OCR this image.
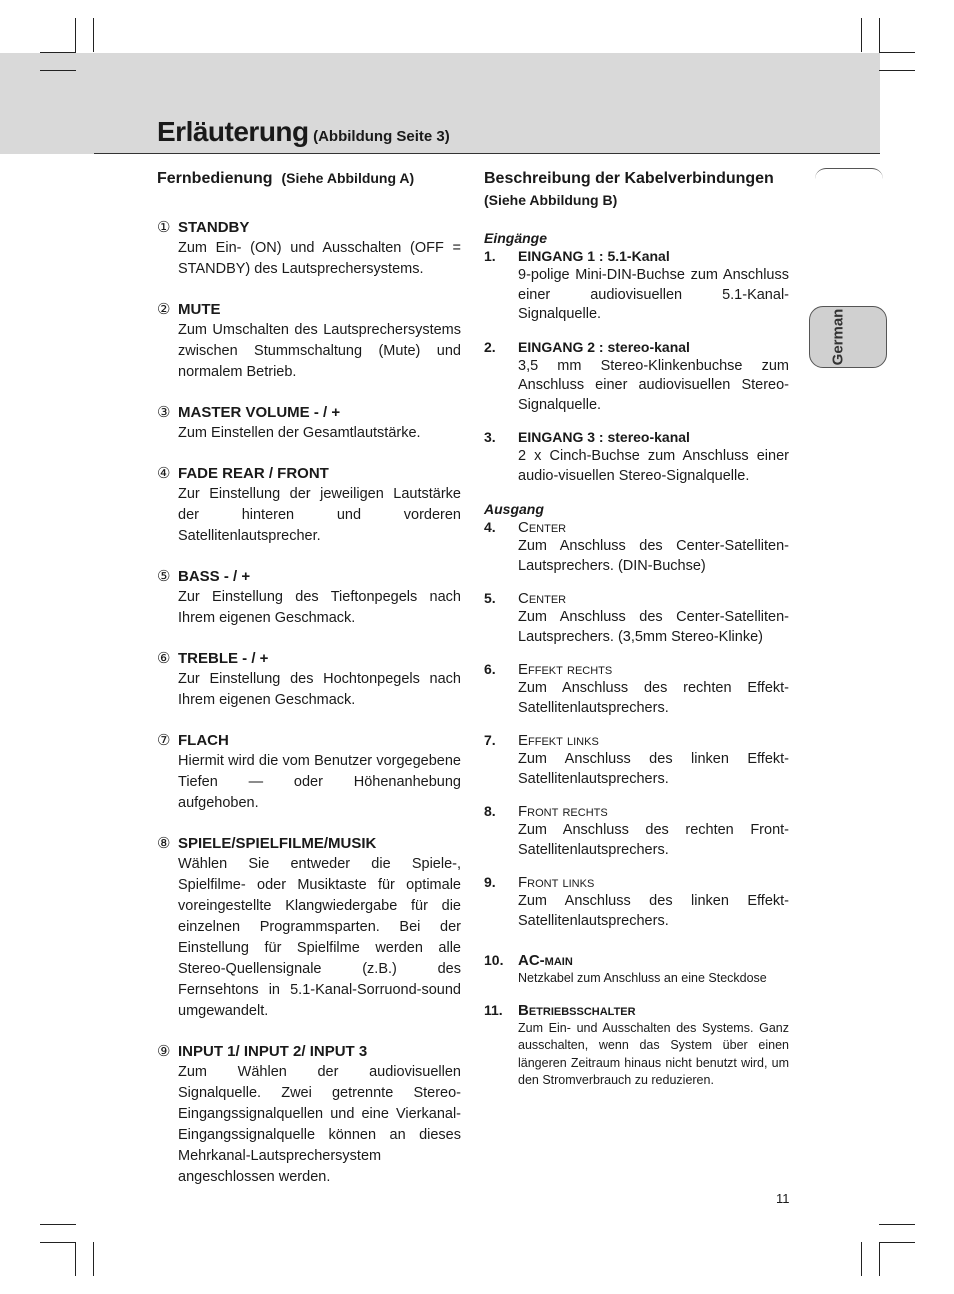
Erläuterung (Abbildung Seite 3)
German

Fernbedienung (Siehe Abbildung A)

① STANDBY
Zum Ein- (ON) und Ausschalten (OFF = STANDBY) des Lautsprechersystems.
② MUTE
Zum Umschalten des Lautsprechersystems zwischen Stummschaltung (Mute) und normalem Betrieb.
③ MASTER VOLUME - / +
Zum Einstellen der Gesamtlautstärke.
④ FADE REAR / FRONT
Zur Einstellung der jeweiligen Lautstärke der hinteren und vorderen Satellitenlautsprecher.
⑤ BASS - / +
Zur Einstellung des Tieftonpegels nach Ihrem eigenen Geschmack.
⑥ TREBLE - / +
Zur Einstellung des Hochtonpegels nach Ihrem eigenen Geschmack.
⑦ FLACH
Hiermit wird die vom Benutzer vorgegebene Tiefen — oder Höhenanhebung aufgehoben.
⑧ SPIELE/SPIELFILME/MUSIK
Wählen Sie entweder die Spiele-, Spielfilme- oder Musiktaste für optimale voreingestellte Klangwiedergabe für die einzelnen Programmsparten. Bei der Einstellung für Spielfilme werden alle Stereo-Quellensignale (z.B.) des Fernsehtons in 5.1-Kanal-Sorruond-sound umgewandelt.
⑨ INPUT 1/ INPUT 2/ INPUT 3
Zum Wählen der audiovisuellen Signalquelle. Zwei getrennte Stereo-Eingangssignalquellen und eine Vierkanal-Eingangssignalquelle können an dieses Mehrkanal-Lautsprechersystem angeschlossen werden.

Beschreibung der Kabelverbindungen

(Siehe Abbildung B)
Eingänge
1. EINGANG 1 : 5.1-Kanal
9-polige Mini-DIN-Buchse zum Anschluss einer audiovisuellen 5.1-Kanal-Signalquelle.
2. EINGANG 2 : stereo-kanal
3,5 mm Stereo-Klinkenbuchse zum Anschluss einer audiovisuellen Stereo-Signalquelle.
3. EINGANG 3 : stereo-kanal
2 x Cinch-Buchse zum Anschluss einer audio-visuellen Stereo-Signalquelle.
Ausgang
4. Center
Zum Anschluss des Center-Satelliten-Lautsprechers. (DIN-Buchse)
5. Center
Zum Anschluss des Center-Satelliten-Lautsprechers. (3,5mm Stereo-Klinke)
6. Effekt rechts
Zum Anschluss des rechten Effekt-Satellitenlautsprechers.
7. Effekt links
Zum Anschluss des linken Effekt-Satellitenlautsprechers.
8. Front rechts
Zum Anschluss des rechten Front-Satellitenlautsprechers.
9. Front links
Zum Anschluss des linken Effekt-Satellitenlautsprechers.
10. AC-main
Netzkabel zum Anschluss an eine Steckdose
11. Betriebsschalter
Zum Ein- und Ausschalten des Systems. Ganz ausschalten, wenn das System über einen längeren Zeitraum hinaus nicht benutzt wird, um den Stromverbrauch zu reduzieren.
11
